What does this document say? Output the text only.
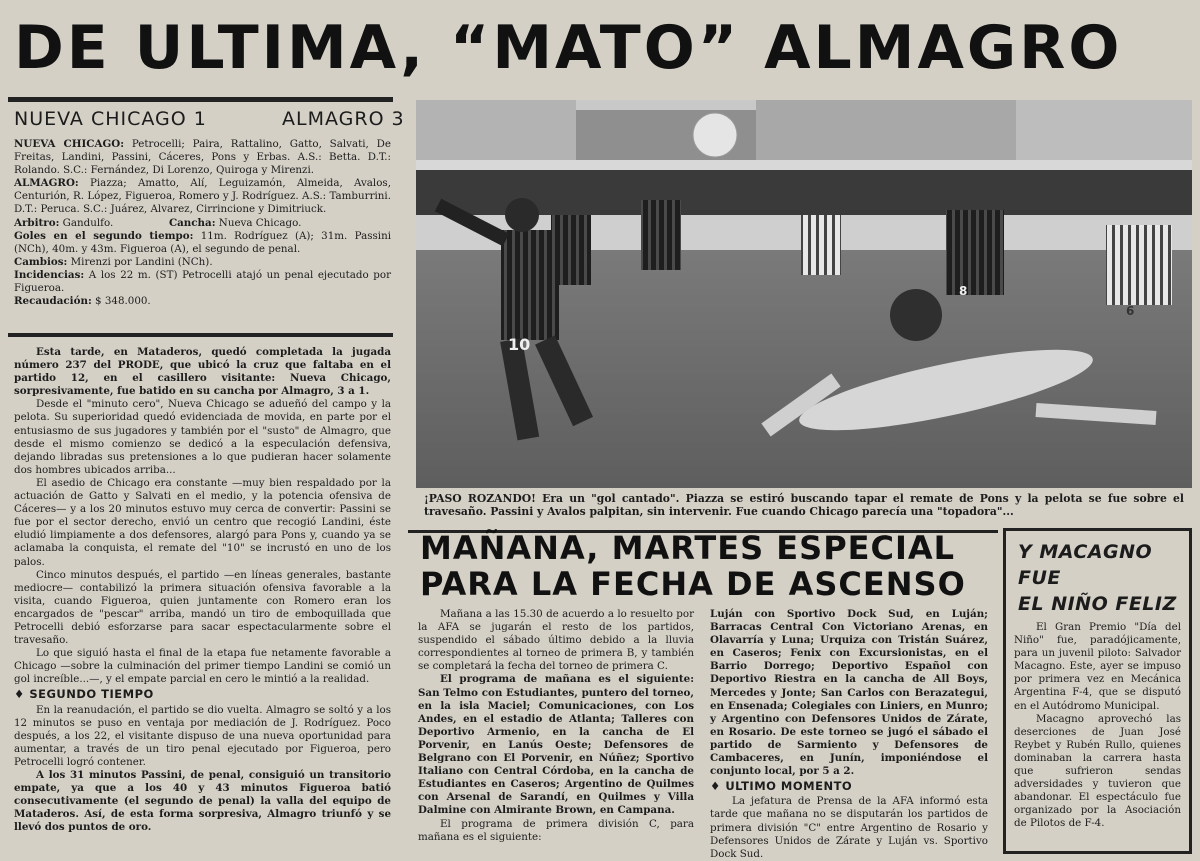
DE ULTIMA, “MATO” ALMAGRO
NUEVA CHICAGO 1	ALMAGRO 3
NUEVA CHICAGO: Petrocelli; Paira, Rattalino, Gatto, Salvati, De Freitas, Landini, Passini, Cáceres, Pons y Erbas. A.S.: Betta. D.T.: Rolando. S.C.: Fernández, Di Lorenzo, Quiroga y Mirenzi.
ALMAGRO: Piazza; Amatto, Alí, Leguizamón, Almeida, Avalos, Centurión, R. López, Figueroa, Romero y J. Rodríguez. A.S.: Tamburrini. D.T.: Peruca. S.C.: Juárez, Alvarez, Cirrincione y Dimitriuck.
Arbitro: Gandulfo.	Cancha: Nueva Chicago.
Goles en el segundo tiempo: 11m. Rodríguez (A); 31m. Passini (NCh), 40m. y 43m. Figueroa (A), el segundo de penal.
Cambios: Mirenzi por Landini (NCh).
Incidencias: A los 22 m. (ST) Petrocelli atajó un penal ejecutado por Figueroa.
Recaudación: $ 348.000.

Esta tarde, en Mataderos, quedó completada la jugada número 237 del PRODE, que ubicó la cruz que faltaba en el partido 12, en el casillero visitante: Nueva Chicago, sorpresivamente, fue batido en su cancha por Almagro, 3 a 1.

Desde el "minuto cero", Nueva Chicago se adueñó del campo y la pelota. Su superioridad quedó evidenciada de movida, en parte por el entusiasmo de sus jugadores y también por el "susto" de Almagro, que desde el mismo comienzo se dedicó a la especulación defensiva, dejando libradas sus pretensiones a lo que pudieran hacer solamente dos hombres ubicados arriba...

El asedio de Chicago era constante —muy bien respaldado por la actuación de Gatto y Salvati en el medio, y la potencia ofensiva de Cáceres— y a los 20 minutos estuvo muy cerca de convertir: Passini se fue por el sector derecho, envió un centro que recogió Landini, éste eludió limpiamente a dos defensores, alargó para Pons y, cuando ya se aclamaba la conquista, el remate del "10" se incrustó en uno de los palos.

Cinco minutos después, el partido —en líneas generales, bastante mediocre— contabilizó la primera situación ofensiva favorable a la visita, cuando Figueroa, quien juntamente con Romero eran los encargados de "pescar" arriba, mandó un tiro de emboquillada que Petrocelli debió esforzarse para sacar espectacularmente sobre el travesaño.

Lo que siguió hasta el final de la etapa fue netamente favorable a Chicago —sobre la culminación del primer tiempo Landini se comió un gol increíble...—, y el empate parcial en cero le mintió a la realidad.

♦ SEGUNDO TIEMPO

En la reanudación, el partido se dio vuelta. Almagro se soltó y a los 12 minutos se puso en ventaja por mediación de J. Rodríguez. Poco después, a los 22, el visitante dispuso de una nueva oportunidad para aumentar, a través de un tiro penal ejecutado por Figueroa, pero Petrocelli logró contener.

A los 31 minutos Passini, de penal, consiguió un transitorio empate, ya que a los 40 y 43 minutos Figueroa batió consecutivamente (el segundo de penal) la valla del equipo de Mataderos. Así, de esta forma sorpresiva, Almagro triunfó y se llevó dos puntos de oro.

10
8
6
¡PASO ROZANDO! Era un "gol cantado". Piazza se estiró buscando tapar el remate de Pons y la pelota se fue sobre el travesaño. Passini y Avalos palpitan, sin intervenir. Fue cuando Chicago parecía una "topadora"...
MAÑANA, MARTES ESPECIAL
PARA LA FECHA DE ASCENSO

Mañana a las 15.30 de acuerdo a lo resuelto por la AFA se jugarán el resto de los partidos, suspendido el sábado último debido a la lluvia correspondientes al torneo de primera B, y también se completará la fecha del torneo de primera C.

El programa de mañana es el siguiente: San Telmo con Estudiantes, puntero del torneo, en la isla Maciel; Comunicaciones, con Los Andes, en el estadio de Atlanta; Talleres con Deportivo Armenio, en la cancha de El Porvenir, en Lanús Oeste; Defensores de Belgrano con El Porvenir, en Núñez; Sportivo Italiano con Central Córdoba, en la cancha de Estudiantes en Caseros; Argentino de Quilmes con Arsenal de Sarandí, en Quilmes y Villa Dalmine con Almirante Brown, en Campana.

El programa de primera división C, para mañana es el siguiente:

Luján con Sportivo Dock Sud, en Luján; Barracas Central Con Victoriano Arenas, en Olavarría y Luna; Urquiza con Tristán Suárez, en Caseros; Fenix con Excursionistas, en el Barrio Dorrego; Deportivo Español con Deportivo Riestra en la cancha de All Boys, Mercedes y Jonte; San Carlos con Berazategui, en Ensenada; Colegiales con Liniers, en Munro; y Argentino con Defensores Unidos de Zárate, en Rosario. De este torneo se jugó el sábado el partido de Sarmiento y Defensores de Cambaceres, en Junín, imponiéndose el conjunto local, por 5 a 2.

♦ ULTIMO MOMENTO

La jefatura de Prensa de la AFA informó esta tarde que mañana no se disputarán los partidos de primera división "C" entre Argentino de Rosario y Defensores Unidos de Zárate y Luján vs. Sportivo Dock Sud.

Y MACAGNO FUE
EL NIÑO FELIZ

El Gran Premio "Día del Niño" fue, paradójicamente, para un juvenil piloto: Salvador Macagno. Este, ayer se impuso por primera vez en Mecánica Argentina F-4, que se disputó en el Autódromo Municipal.

Macagno aprovechó las deserciones de Juan José Reybet y Rubén Rullo, quienes dominaban la carrera hasta que sufrieron sendas adversidades y tuvieron que abandonar. El espectáculo fue organizado por la Asociación de Pilotos de F-4.
